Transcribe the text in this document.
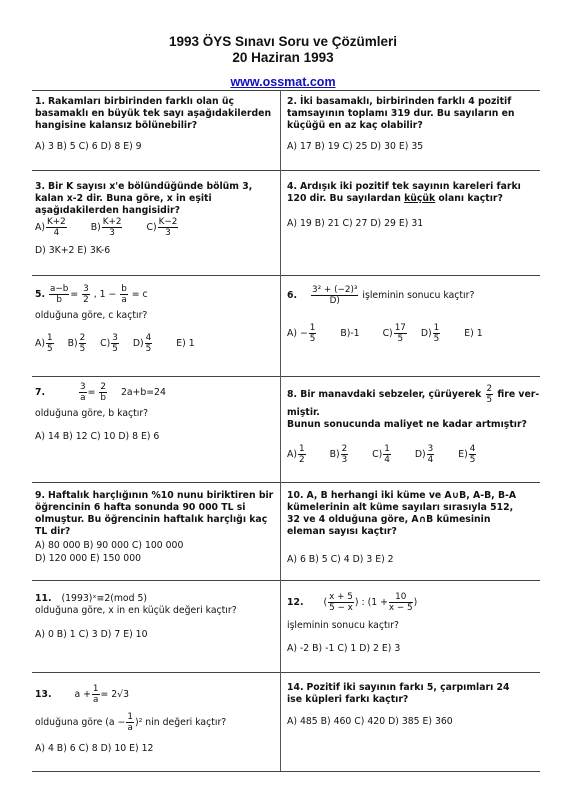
1993 ÖYS Sınavı Soru ve Çözümleri
20 Haziran 1993
www.ossmat.com
1. Rakamları birbirinden farklı olan üç basamaklı en büyük tek sayı aşağıdakilerden hangisine kalansız bölünebilir?
A) 3 B) 5 C) 6 D) 8 E) 9
2. İki basamaklı, birbirinden farklı 4 pozitif tamsayının toplamı 319 dur. Bu sayıların en küçüğü en az kaç olabilir?
A) 17 B) 19 C) 25 D) 30 E) 35
3. Bir K sayısı x'e bölündüğünde bölüm 3, kalan x-2 dir. Buna göre, x in eşiti aşağıdakilerden hangisidir?
$A) \frac{K+2}{4}$	$B) \frac{K+2}{3}$	$C) \frac{K-2}{3}$
D) 3K+2 E) 3K-6
4. Ardışık iki pozitif tek sayının kareleri farkı 120 dir. Bu sayılardan küçük olanı kaçtır?
A) 19 B) 21 C) 27 D) 29 E) 31
5. $\frac{a-b}{b} = \frac{3}{2}$ , $1 - \frac{b}{a} = c$
olduğuna göre, c kaçtır?
$A) \frac{1}{5} B) \frac{2}{5} C) \frac{3}{5} D) \frac{4}{5}$	E) 1
6. $\frac{\text{3² + (−2)³}}{D)}$ işleminin sonucu kaçtır?
$A) - \frac{1}{5}$	B)-1 $C) \frac{17}{5} D) \frac{1}{5}$	E) 1
7.	$\frac{3}{a} = \frac{2}{b} 2a+b=24$
olduğuna göre, b kaçtır?
A) 14 B) 12 C) 10 D) 8 E) 6
8. Bir manavdaki sebzeler, çürüyerek $\frac{2}{5}$ fire ver-
miştir.
Bunun sonucunda maliyet ne kadar artmıştır?
$A) \frac{1}{2}$	$B) \frac{2}{3}$	$C) \frac{1}{4}$	$D) \frac{3}{4}$	$E) \frac{4}{5}$
9. Haftalık harçlığının %10 nunu biriktiren bir öğrencinin 6 hafta sonunda 90 000 TL si olmuştur. Bu öğrencinin haftalık harçlığı kaç TL dir?
A) 80 000 B) 90 000 C) 100 000
D) 120 000 E) 150 000
10. A, B herhangi iki küme ve A∪B, A-B, B-A kümelerinin alt küme sayıları sırasıyla 512, 32 ve 4 olduğuna göre, A∩B kümesinin eleman sayısı kaçtır?
A) 6 B) 5 C) 4 D) 3 E) 2
11. (1993)ˣ≡2(mod 5)
olduğuna göre, x in en küçük değeri kaçtır?
A) 0 B) 1 C) 3 D) 7 E) 10
12. ( $\frac{x + 5}{5 - x}$ ) : ($1 + \frac{10}{x - 5}$ )
işleminin sonucu kaçtır?
A) -2 B) -1 C) 1 D) 2 E) 3
13. $a + \frac{1}{a} = 2√3$
olduğuna göre $(a - \frac{1}{a} )^2$ nin değeri kaçtır?
A) 4 B) 6 C) 8 D) 10 E) 12
14. Pozitif iki sayının farkı 5, çarpımları 24 ise küpleri farkı kaçtır?
A) 485 B) 460 C) 420 D) 385 E) 360
